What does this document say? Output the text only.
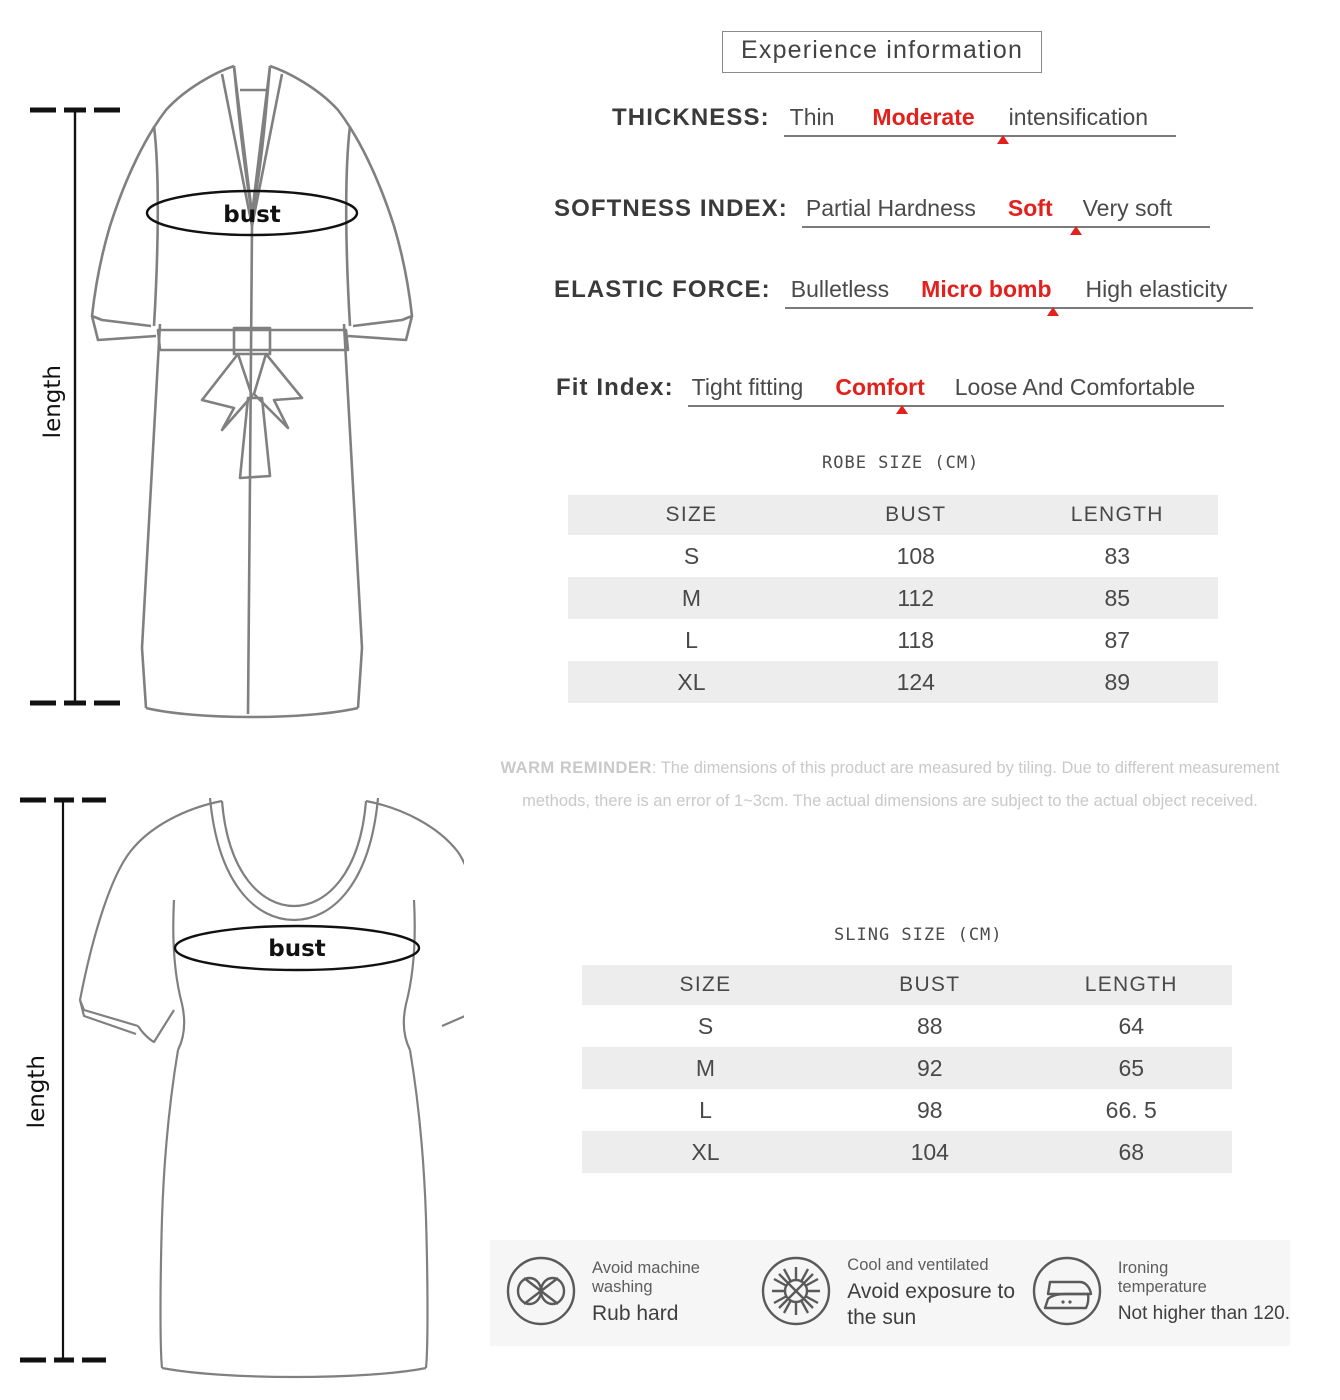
bust
length
bust
length
Experience information
THICKNESS: Thin Moderate intensification
SOFTNESS INDEX: Partial Hardness Soft Very soft
ELASTIC FORCE: Bulletless Micro bomb High elasticity
Fit Index: Tight fitting Comfort Loose And Comfortable
ROBE SIZE (CM)
SIZE	BUST	LENGTH
S	108	83
M	112	85
L	118	87
XL	124	89
WARM REMINDER: The dimensions of this product are measured by tiling. Due to different measurement
methods, there is an error of 1~3cm. The actual dimensions are subject to the actual object received.
SLING SIZE (CM)
SIZE	BUST	LENGTH
S	88	64
M	92	65
L	98	66. 5
XL	104	68
Avoid machine washing
Rub hard
Cool and ventilated
Avoid exposure to the sun
Ironing temperature
Not higher than 120.
